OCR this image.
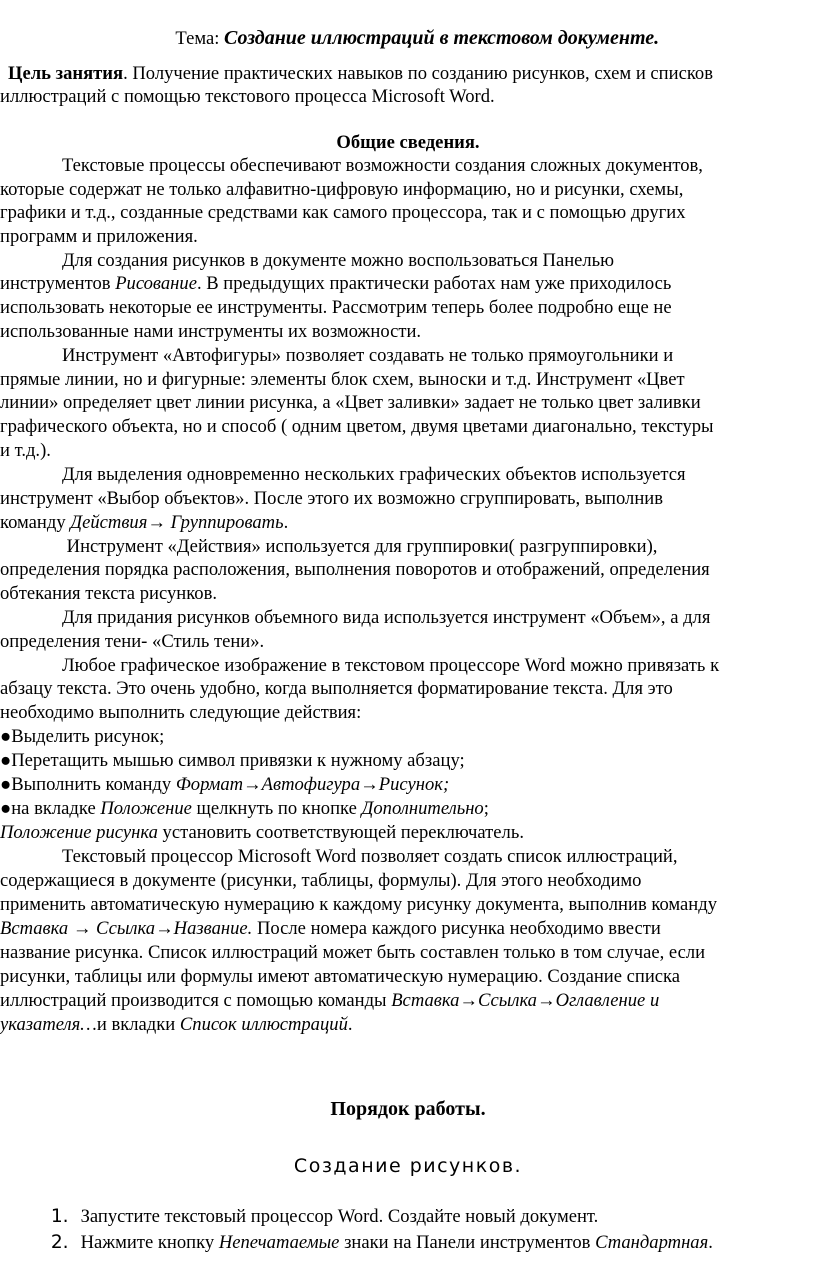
Тема: Создание иллюстраций в текстовом документе.

Цель занятия. Получение практических навыков по созданию рисунков, схем и списков
иллюстраций с помощью текстового процесса Microsoft Word.
Общие сведения.
Текстовые процессы обеспечивают возможности создания сложных документов,
которые содержат не только алфавитно-цифровую информацию, но и рисунки, схемы,
графики и т.д., созданные средствами как самого процессора, так и с помощью других
программ и приложения.
Для создания рисунков в документе можно воспользоваться Панелью
инструментов Рисование. В предыдущих практически работах нам уже приходилось
использовать некоторые ее инструменты. Рассмотрим теперь более подробно еще не
использованные нами инструменты их возможности.
Инструмент «Автофигуры» позволяет создавать не только прямоугольники и
прямые линии, но и фигурные: элементы блок схем, выноски и т.д. Инструмент «Цвет
линии» определяет цвет линии рисунка, а «Цвет заливки» задает не только цвет заливки
графического объекта, но и способ ( одним цветом, двумя цветами диагонально, текстуры
и т.д.).
Для выделения одновременно нескольких графических объектов используется
инструмент «Выбор объектов». После этого их возможно сгруппировать, выполнив
команду Действия→ Группировать.
Инструмент «Действия» используется для группировки( разгруппировки),
определения порядка расположения, выполнения поворотов и отображений, определения
обтекания текста рисунков.
Для придания рисунков объемного вида используется инструмент «Объем», а для
определения тени- «Стиль тени».
Любое графическое изображение в текстовом процессоре Word можно привязать к
абзацу текста. Это очень удобно, когда выполняется форматирование текста. Для это
необходимо выполнить следующие действия:
●Выделить рисунок;
●Перетащить мышью символ привязки к нужному абзацу;
●Выполнить команду Формат→Автофигура→Рисунок;
●на вкладке Положение щелкнуть по кнопке Дополнительно;
Положение рисунка установить соответствующей переключатель.
Текстовый процессор Microsoft Word позволяет создать список иллюстраций,
содержащиеся в документе (рисунки, таблицы, формулы). Для этого необходимо
применить автоматическую нумерацию к каждому рисунку документа, выполнив команду
Вставка → Ссылка→Название. После номера каждого рисунка необходимо ввести
название рисунка. Список иллюстраций может быть составлен только в том случае, если
рисунки, таблицы или формулы имеют автоматическую нумерацию. Создание списка
иллюстраций производится с помощью команды Вставка→Ссылка→Оглавление и
указателя…и вкладки Список иллюстраций.
Порядок работы.
Создание рисунков.

1. Запустите текстовый процессор Word. Создайте новый документ.

2. Нажмите кнопку Непечатаемые знаки на Панели инструментов Стандартная.
